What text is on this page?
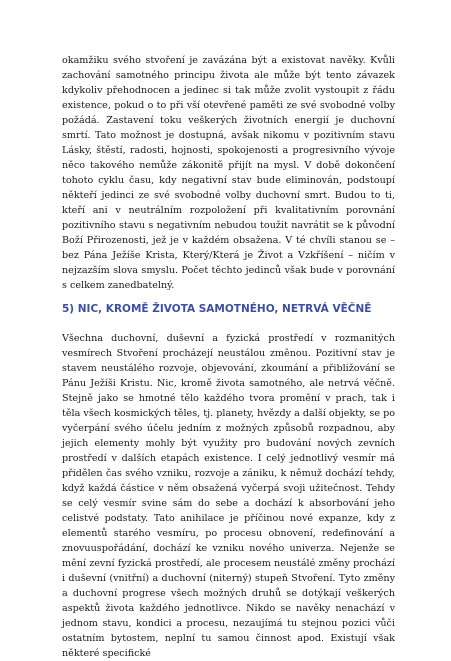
okamžiku svého stvoření je zavázána být a existovat navěky. Kvůli zachování samotného principu života ale může být tento závazek kdykoliv přehodnocen a jedinec si tak může zvolit vystoupit z řádu existence, pokud o to při vší otevřené paměti ze své svobodné volby požádá. Zastavení toku veškerých životních energií je duchovní smrtí. Tato možnost je dostupná, avšak nikomu v pozitivním stavu Lásky, štěstí, radosti, hojnosti, spokojenosti a progresivního vývoje něco takového nemůže zákonitě přijít na mysl. V době dokončení tohoto cyklu času, kdy negativní stav bude eliminován, podstoupí někteří jedinci ze své svobodné volby duchovní smrt. Budou to ti, kteří ani v neutrálním rozpoložení při kvalitativním porovnání pozitivního stavu s negativním nebudou toužit navrátit se k původní Boží Přirozenosti, jež je v každém obsažena. V té chvíli stanou se – bez Pána Ježíše Krista, Který/Která je Život a Vzkříšení – ničím v nejzazším slova smyslu. Počet těchto jedinců však bude v porovnání s celkem zanedbatelný.

5) NIC, KROMĚ ŽIVOTA SAMOTNÉHO, NETRVÁ VĚČNĚ

Všechna duchovní, duševní a fyzická prostředí v rozmanitých vesmírech Stvoření procházejí neustálou změnou. Pozitivní stav je stavem neustálého rozvoje, objevování, zkoumání a přibližování se Pánu Ježíši Kristu. Nic, kromě života samotného, ale netrvá věčně. Stejně jako se hmotné tělo každého tvora promění v prach, tak i těla všech kosmických těles, tj. planety, hvězdy a další objekty, se po vyčerpání svého účelu jedním z možných způsobů rozpadnou, aby jejich elementy mohly být využity pro budování nových zevních prostředí v dalších etapách existence. I celý jednotlivý vesmír má přidělen čas svého vzniku, rozvoje a zániku, k němuž dochází tehdy, když každá částice v něm obsažená vyčerpá svoji užitečnost. Tehdy se celý vesmír svine sám do sebe a dochází k absorbování jeho celistvé podstaty. Tato anihilace je příčinou nové expanze, kdy z elementů starého vesmíru, po procesu obnovení, redefinování a znovuuspořádání, dochází ke vzniku nového univerza. Nejenže se mění zevní fyzická prostředí, ale procesem neustálé změny prochází i duševní (vnitřní) a duchovní (niterný) stupeň Stvoření. Tyto změny a duchovní progrese všech možných druhů se dotýkají veškerých aspektů života každého jednotlivce. Nikdo se navěky nenachází v jednom stavu, kondici a procesu, nezaujímá tu stejnou pozici vůči ostatním bytostem, neplní tu samou činnost apod. Existují však některé specifické
